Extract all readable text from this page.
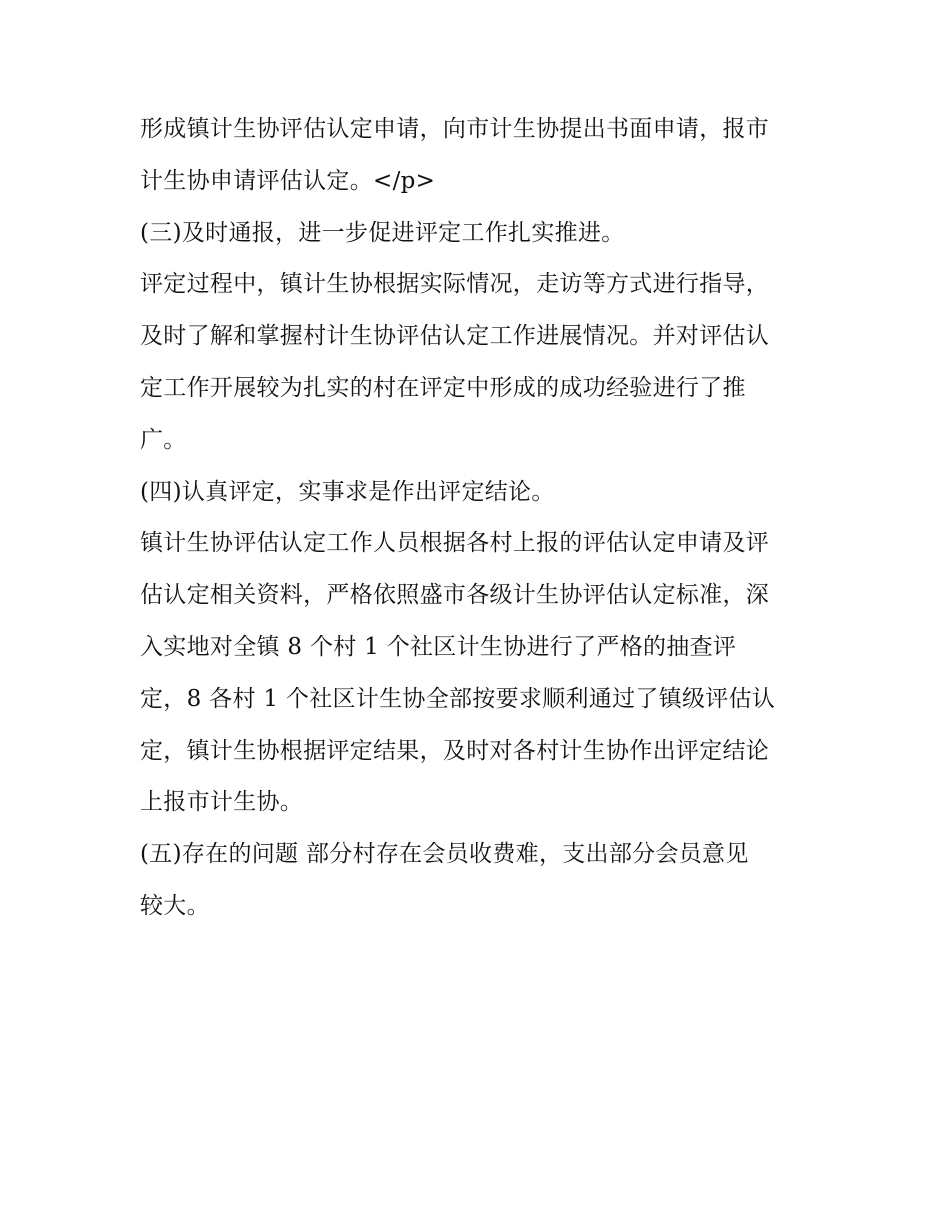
形成镇计生协评估认定申请，向市计生协提出书面申请，报市
计生协申请评估认定。</p>
(三)及时通报，进一步促进评定工作扎实推进。
评定过程中，镇计生协根据实际情况，走访等方式进行指导，
及时了解和掌握村计生协评估认定工作进展情况。并对评估认
定工作开展较为扎实的村在评定中形成的成功经验进行了推
广。
(四)认真评定，实事求是作出评定结论。
镇计生协评估认定工作人员根据各村上报的评估认定申请及评
估认定相关资料，严格依照盛市各级计生协评估认定标准，深
入实地对全镇 8 个村 1 个社区计生协进行了严格的抽查评
定，8 各村 1 个社区计生协全部按要求顺利通过了镇级评估认
定，镇计生协根据评定结果，及时对各村计生协作出评定结论
上报市计生协。
(五)存在的问题 部分村存在会员收费难，支出部分会员意见
较大。
